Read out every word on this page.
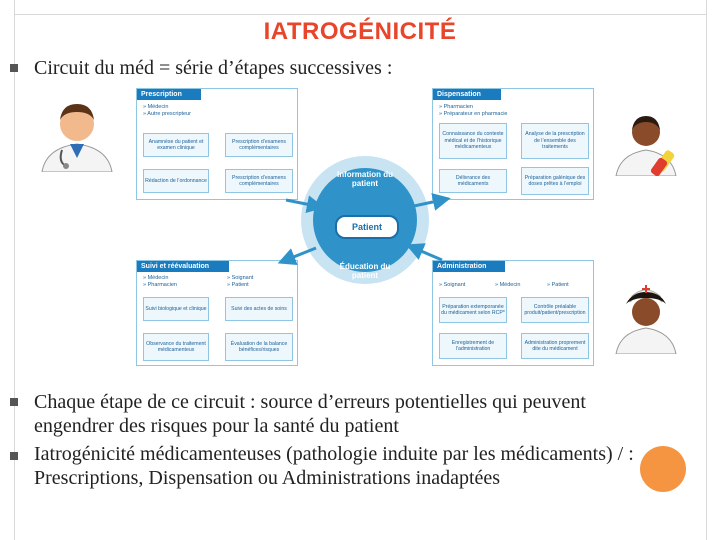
IATROGÉNICITÉ
Circuit du méd = série d’étapes successives :
Prescription
» Médecin
» Autre prescripteur
Anamnèse du patient et examen clinique
Prescription d’examens complémentaires
Rédaction de l’ordonnance
Prescription d’examens complémentaires
Dispensation
» Pharmacien
» Préparateur en pharmacie
Connaissance du contexte médical et de l’historique médicamenteux
Analyse de la prescription de l’ensemble des traitements
Délivrance des médicaments
Préparation galénique des doses prêtes à l’emploi
Suivi et réévaluation
» Médecin
» Pharmacien
» Soignant
» Patient
Suivi biologique et clinique	Suivi des actes de soins
Observance du traitement médicamenteux
Évaluation de la balance bénéfices/risques
Administration
» Soignant	» Médecin	» Patient
Préparation extemporanée du médicament selon RCP*
Contrôle préalable produit/patient/prescription
Enregistrement de l’administration
Administration proprement dite du médicament
Information du patient
Patient
Éducation du patient
Chaque étape de ce circuit : source d’erreurs potentielles qui peuvent
engendrer des risques pour la santé du patient
Iatrogénicité médicamenteuses (pathologie induite par les médicaments) / :
Prescriptions, Dispensation ou Administrations inadaptées
